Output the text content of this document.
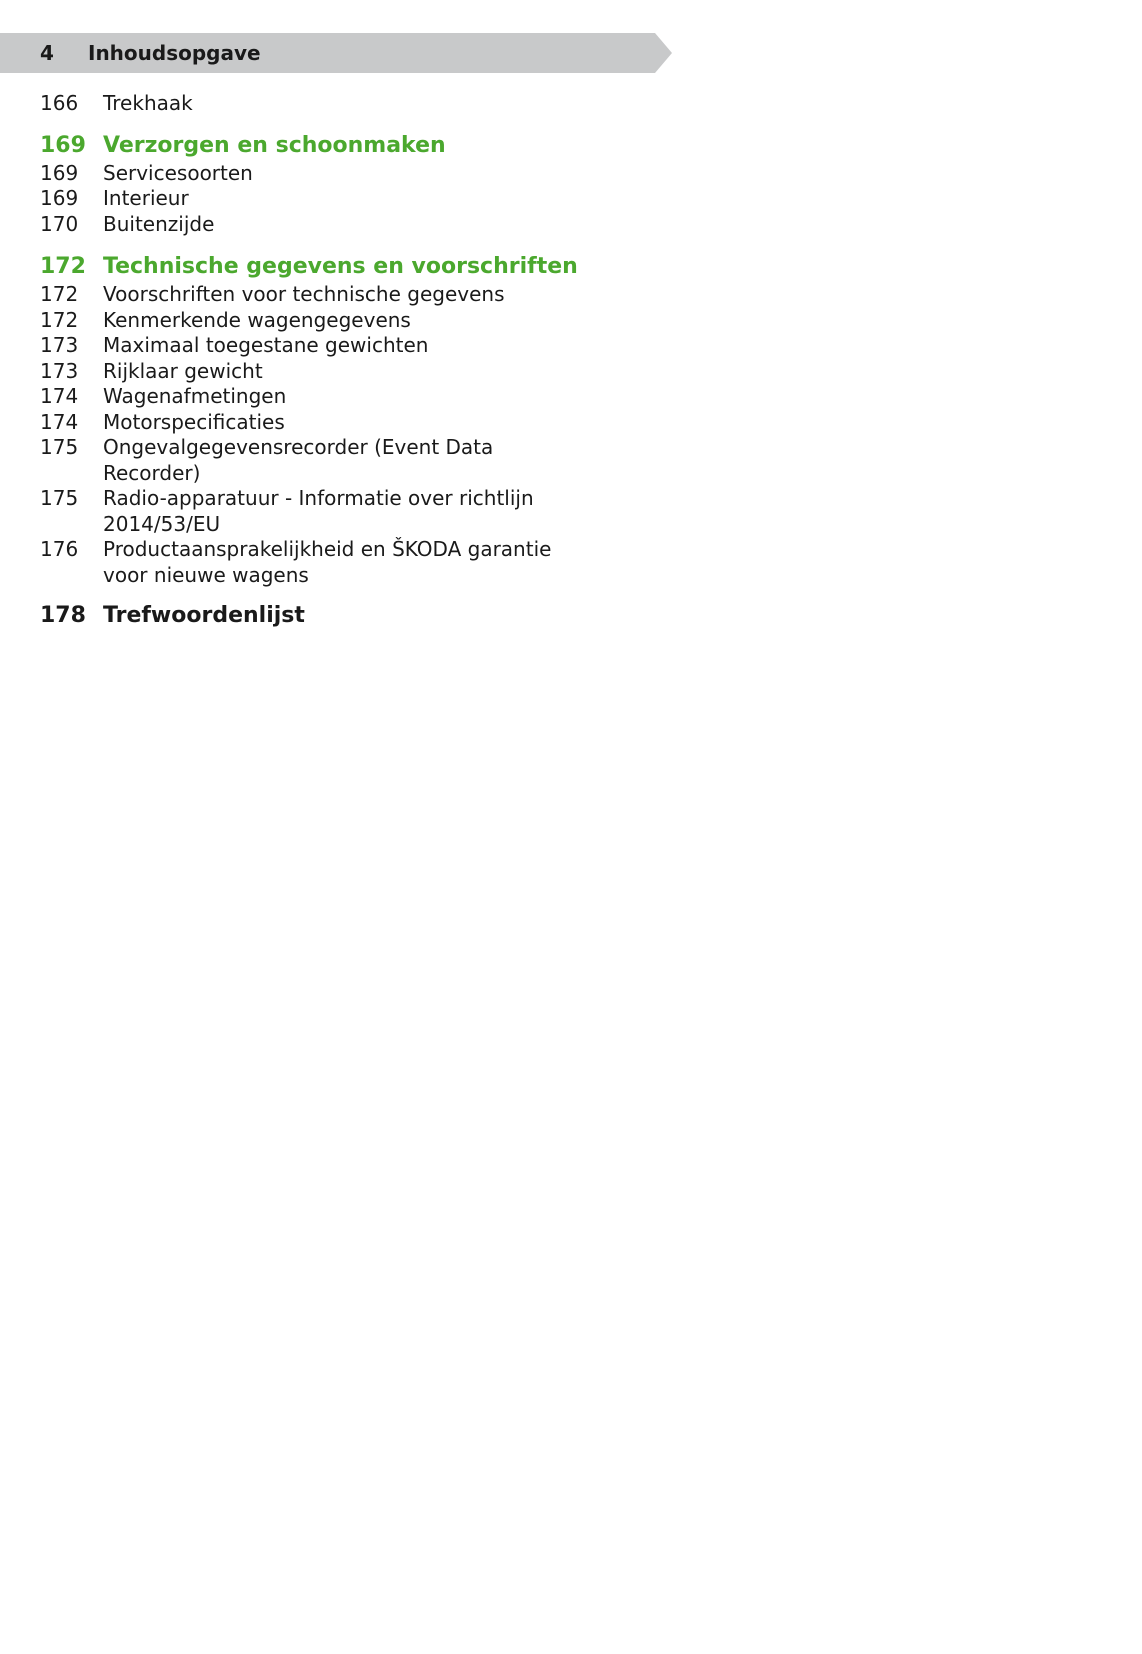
4 Inhoudsopgave
166	Trekhaak
169 Verzorgen en schoonmaken
169	Servicesoorten
169	Interieur
170	Buitenzijde
172 Technische gegevens en voorschriften
172	Voorschriften voor technische gegevens
172	Kenmerkende wagengegevens
173	Maximaal toegestane gewichten
173	Rijklaar gewicht
174	Wagenafmetingen
174	Motorspecificaties
175	Ongevalgegevensrecorder (Event Data Recorder)
175	Radio-apparatuur - Informatie over richtlijn 2014/53/EU
176	Productaansprakelijkheid en ŠKODA garantie voor nieuwe wagens
178 Trefwoordenlijst
